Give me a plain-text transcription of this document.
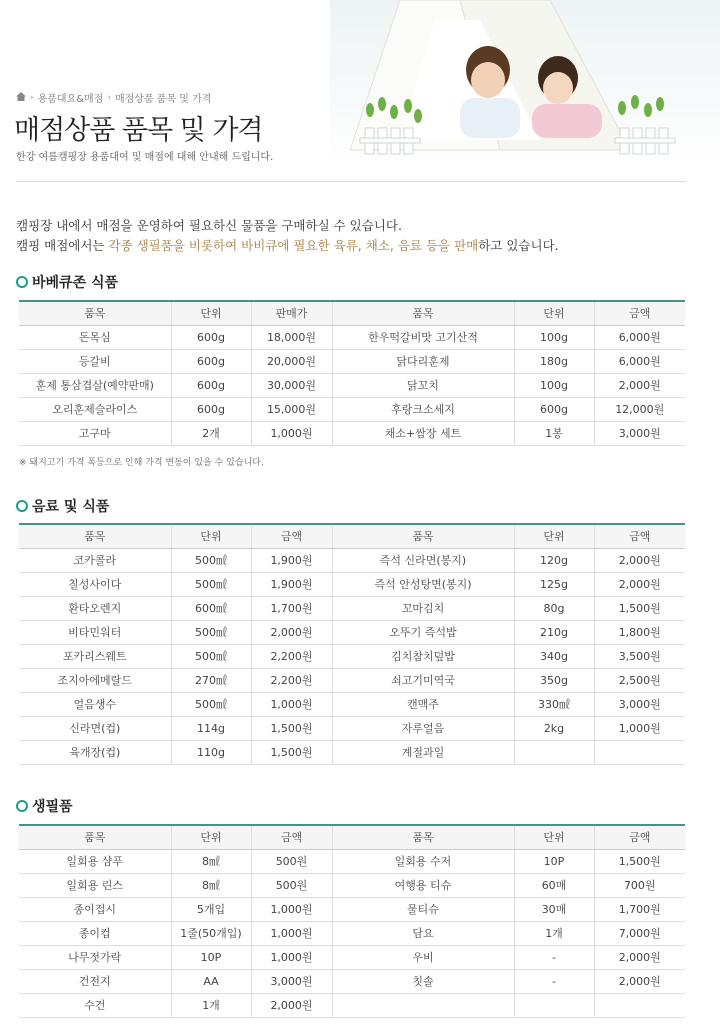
› 용품대요&매점 › 매점상품 품목 및 가격
매점상품 품목 및 가격

한강 여름캠핑장 용품대여 및 매점에 대해 안내해 드립니다.

캠핑장 내에서 매점을 운영하여 필요하신 물품을 구매하실 수 있습니다.
캠핑 매점에서는 각종 생필품을 비롯하여 바비큐에 필요한 육류, 채소, 음료 등을 판매하고 있습니다.
바베큐존 식품
품목	단위	판매가	품목	단위	금액
돈목심	600g	18,000원	한우떡갈비맛 고기산적	100g	6,000원
등갈비	600g	20,000원	닭다리훈제	180g	6,000원
훈제 통삼겹살(예약판매)	600g	30,000원	닭꼬치	100g	2,000원
오리훈제슬라이스	600g	15,000원	후랑크소세지	600g	12,000원
고구마	2개	1,000원	채소+쌈장 세트	1봉	3,000원
※ 돼지고기 가격 폭등으로 인해 가격 변동이 있을 수 있습니다.
음료 및 식품
품목	단위	금액	품목	단위	금액
코카콜라	500㎖	1,900원	즉석 신라면(봉지)	120g	2,000원
칠성사이다	500㎖	1,900원	즉석 안성탕면(봉지)	125g	2,000원
환타오렌지	600㎖	1,700원	꼬마김치	80g	1,500원
비타민워터	500㎖	2,000원	오뚜기 즉석밥	210g	1,800원
포카리스웨트	500㎖	2,200원	김치참치덮밥	340g	3,500원
조지아에메랄드	270㎖	2,200원	쇠고기미역국	350g	2,500원
얼음생수	500㎖	1,000원	캔맥주	330㎖	3,000원
신라면(컵)	114g	1,500원	자루얼음	2kg	1,000원
육개장(컵)	110g	1,500원	계절과일		
생필품
품목	단위	금액	품목	단위	금액
일회용 샴푸	8㎖	500원	일회용 수저	10P	1,500원
일회용 린스	8㎖	500원	여행용 티슈	60매	700원
종이접시	5개입	1,000원	물티슈	30매	1,700원
종이컵	1줄(50개입)	1,000원	담요	1개	7,000원
나무젓가락	10P	1,000원	우비	-	2,000원
건전지	AA	3,000원	칫솔	-	2,000원
수건	1개	2,000원			
